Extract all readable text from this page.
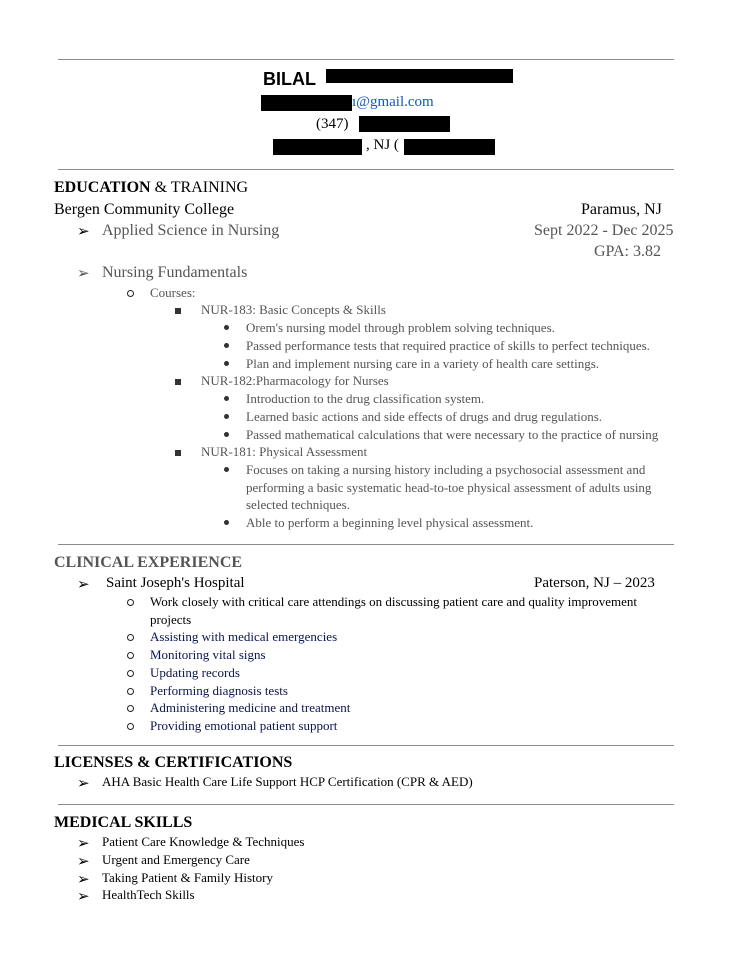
BILAL
ı@gmail.com
(347)
, NJ (
EDUCATION & TRAINING
Bergen Community College	Paramus, NJ
➢ Applied Science in Nursing	Sept 2022 - Dec 2025
GPA: 3.82
➢ Nursing Fundamentals
Courses:
NUR-183: Basic Concepts & Skills
Orem's nursing model through problem solving techniques.
Passed performance tests that required practice of skills to perfect techniques.
Plan and implement nursing care in a variety of health care settings.
NUR-182:Pharmacology for Nurses
Introduction to the drug classification system.
Learned basic actions and side effects of drugs and drug regulations.
Passed mathematical calculations that were necessary to the practice of nursing
NUR-181: Physical Assessment
Focuses on taking a nursing history including a psychosocial assessment and
performing a basic systematic head-to-toe physical assessment of adults using
selected techniques.
Able to perform a beginning level physical assessment.
CLINICAL EXPERIENCE
➢ Saint Joseph's Hospital	Paterson, NJ – 2023
Work closely with critical care attendings on discussing patient care and quality improvement
projects
Assisting with medical emergencies
Monitoring vital signs
Updating records
Performing diagnosis tests
Administering medicine and treatment
Providing emotional patient support
LICENSES & CERTIFICATIONS
➢ AHA Basic Health Care Life Support HCP Certification (CPR & AED)
MEDICAL SKILLS
➢ Patient Care Knowledge & Techniques
➢ Urgent and Emergency Care
➢ Taking Patient & Family History
➢ HealthTech Skills
